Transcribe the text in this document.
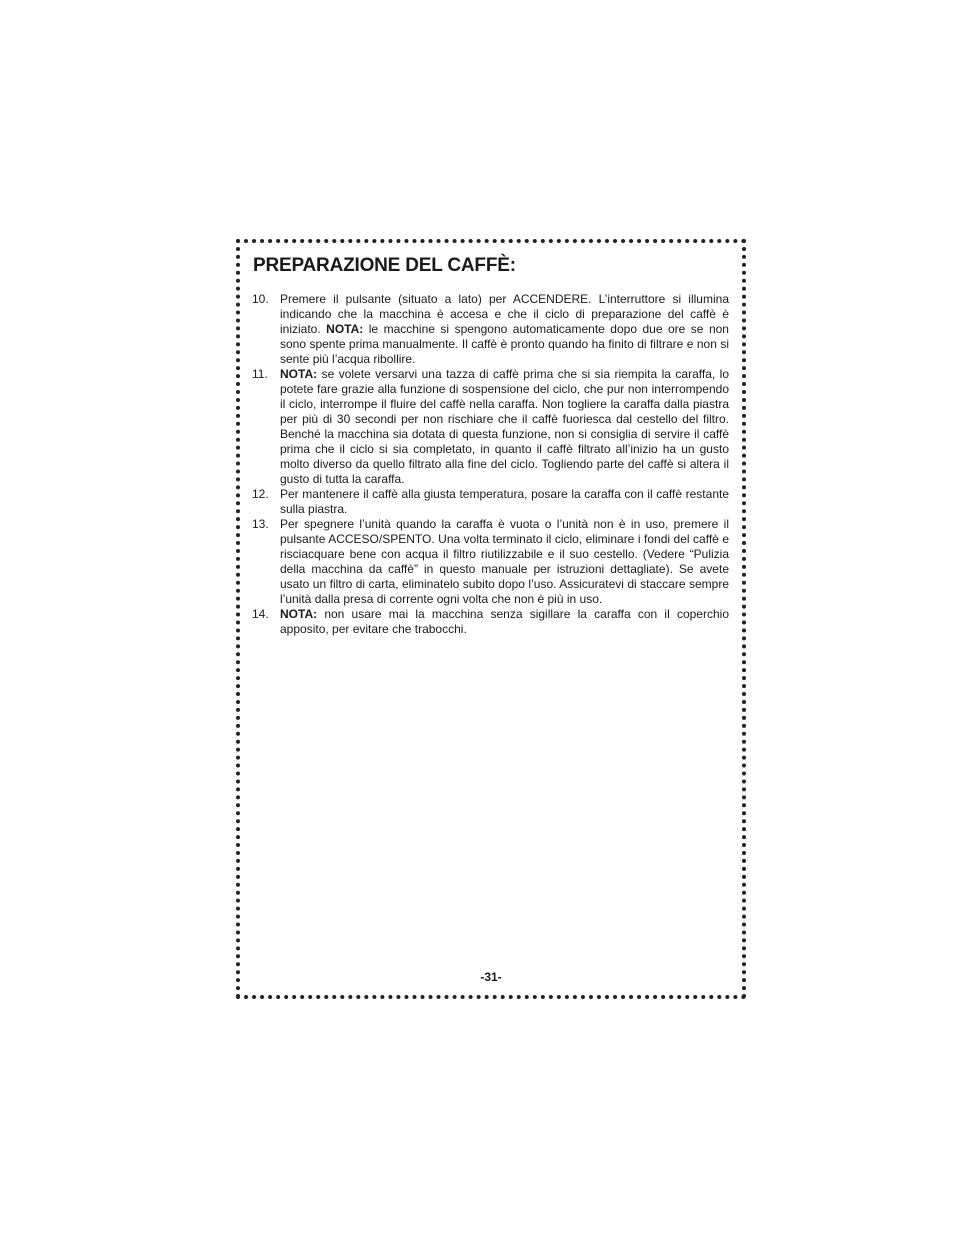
PREPARAZIONE DEL CAFFÈ:
10. Premere il pulsante (situato a lato) per ACCENDERE. L’interruttore si illumina indicando che la macchina è accesa e che il ciclo di preparazione del caffè è iniziato. NOTA: le macchine si spengono automaticamente dopo due ore se non sono spente prima manualmente. Il caffè è pronto quando ha finito di filtrare e non si sente più l’acqua ribollire.
11. NOTA: se volete versarvi una tazza di caffè prima che si sia riempita la caraffa, lo potete fare grazie alla funzione di sospensione del ciclo, che pur non interrompendo il ciclo, interrompe il fluire del caffè nella caraffa. Non togliere la caraffa dalla piastra per più di 30 secondi per non rischiare che il caffè fuoriesca dal cestello del filtro. Benché la macchina sia dotata di questa funzione, non si consiglia di servire il caffè prima che il ciclo si sia completato, in quanto il caffè filtrato all’inizio ha un gusto molto diverso da quello filtrato alla fine del ciclo. Togliendo parte del caffè si altera il gusto di tutta la caraffa.
12. Per mantenere il caffè alla giusta temperatura, posare la caraffa con il caffè restante sulla piastra.
13. Per spegnere l’unità quando la caraffa è vuota o l’unità non è in uso, premere il pulsante ACCESO/SPENTO. Una volta terminato il ciclo, eliminare i fondi del caffè e risciacquare bene con acqua il filtro riutilizzabile e il suo cestello. (Vedere “Pulizia della macchina da caffè” in questo manuale per istruzioni dettagliate). Se avete usato un filtro di carta, eliminatelo subito dopo l’uso. Assicuratevi di staccare sempre l’unità dalla presa di corrente ogni volta che non è più in uso.
14. NOTA: non usare mai la macchina senza sigillare la caraffa con il coperchio apposito, per evitare che trabocchi.
-31-
